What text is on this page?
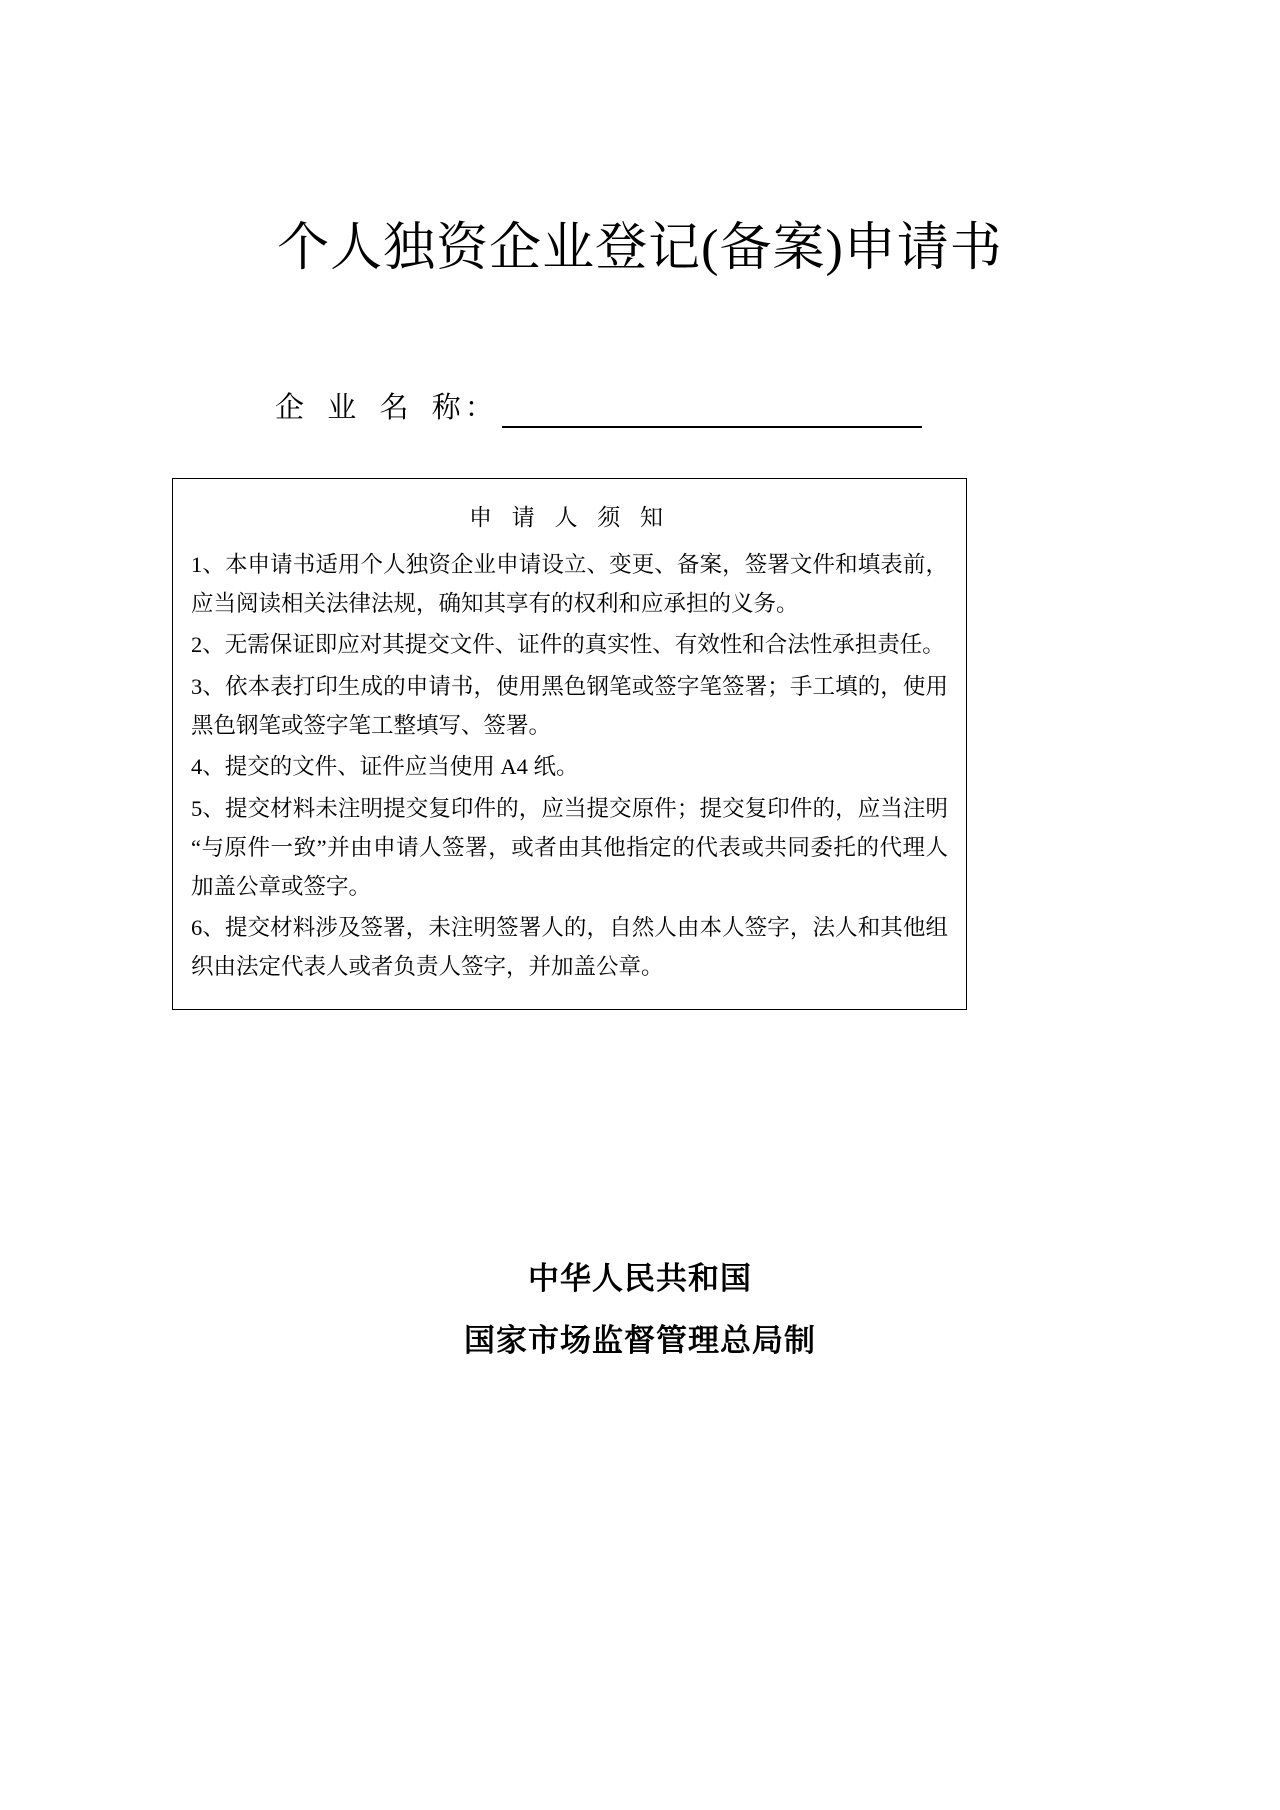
个人独资企业登记(备案)申请书
企 业 名 称
：
申 请 人 须 知

1、本申请书适用个人独资企业申请设立、变更、备案，签署文件和填表前，应当阅读相关法律法规，确知其享有的权利和应承担的义务。

2、无需保证即应对其提交文件、证件的真实性、有效性和合法性承担责任。

3、依本表打印生成的申请书，使用黑色钢笔或签字笔签署；手工填的，使用黑色钢笔或签字笔工整填写、签署。

4、提交的文件、证件应当使用 A4 纸。

5、提交材料未注明提交复印件的，应当提交原件；提交复印件的，应当注明“与原件一致”并由申请人签署，或者由其他指定的代表或共同委托的代理人加盖公章或签字。

6、提交材料涉及签署，未注明签署人的，自然人由本人签字，法人和其他组织由法定代表人或者负责人签字，并加盖公章。

中华人民共和国
国家市场监督管理总局制
